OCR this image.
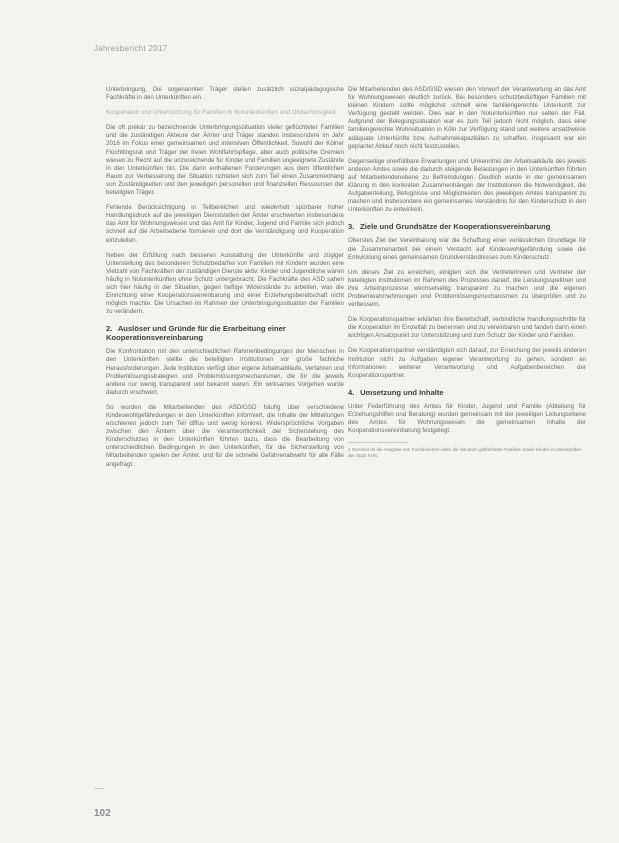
Jahresbericht 2017

Unterbringung. Die sogenannten Träger stellen zusätzlich sozialpädagogische Fachkräfte in den Unterkünften ein.

Kooperation und Unterstützung für Familien in Notunterkünften und Obdachlosigkeit

Die oft prekär zu bezeichnende Unterbringungssituation vieler geflüchteter Familien und die zuständigen Akteure der Ämter und Träger standen insbesondere im Jahr 2016 im Fokus einer gemeinsamen und intensiven Öffentlichkeit. Sowohl der Kölner Flüchtlingsrat und Träger der freien Wohlfahrtspflege, aber auch politische Gremien wiesen zu Recht auf die unzureichende für Kinder und Familien ungeeignete Zustände in den Unterkünften hin. Die darin enthaltenen Forderungen aus dem öffentlichen Raum zur Verbesserung der Situation richteten sich zum Teil einen Zusammenhang von Zuständigkeiten und den jeweiligen personellen und finanziellen Ressourcen der beteiligten Träger.

Fehlende Berücksichtigung in Teilbereichen und wiederholt spürbarer hoher Handlungsdruck auf die jeweiligen Dienststellen der Ämter erschwerten insbesondere das Amt für Wohnungswesen und das Amt für Kinder, Jugend und Familie sich jedoch schnell auf die Arbeitsebene formieren und dort die Verständigung und Kooperation einzuleiten.

Neben der Erfüllung nach besseren Ausstattung der Unterkünfte und zügiger Unterstellung des besonderen Schutzbedarfes von Familien mit Kindern wurden eine Vielzahl von Fachkräften der zuständigen Dienste aktiv. Kinder und Jugendliche waren häufig in Notunterkünften ohne Schutz untergebracht. Die Fachkräfte des ASD sahen sich hier häufig in der Situation, gegen heftige Widerstände zu arbeiten, was die Einrichtung einer Kooperationsvereinbarung und einer Erziehungsbereitschaft nicht möglich machte. Die Ursachen im Rahmen der Unterbringungssituation der Familien zu verändern.

2. Auslöser und Gründe für die Erarbeitung einer Kooperationsvereinbarung

Die Konfrontation mit den unterschiedlichen Rahmenbedingungen der Menschen in den Unterkünften stellte die beteiligten Institutionen vor große fachliche Herausforderungen. Jede Institution verfügt über eigene Arbeitsabläufe, Verfahren und Problemlösungsstrategien und Problemlösungsmechanismen, die für die jeweils andere nur wenig transparent und bekannt waren. Ein wirksames Vorgehen wurde dadurch erschwert.

So wurden die Mitarbeitenden des ASD/GSD häufig über verschiedene Kindeswohlgefährdungen in den Unterkünften informiert, die Inhalte der Mitteilungen erschienen jedoch zum Teil diffus und wenig konkret. Widersprüchliche Vorgaben zwischen den Ämtern über die Verantwortlichkeit der Sicherstellung des Kinderschutzes in den Unterkünften führten dazu, dass die Bearbeitung von unterschiedlichen Bedingungen in den Unterkünften, für die Sicherstellung von Mitarbeitenden spielen der Ämter, und für die schnelle Gefahrenabwehr für alle Fälle angefragt.

Die Mitarbeitenden des ASD/GSD wiesen den Vorwurf der Verantwortung an das Amt für Wohnungswesen deutlich zurück. Bei besonders schutzbedürftigen Familien mit kleinen Kindern sollte möglichst schnell eine familiengerechte Unterkunft zur Verfügung gestellt werden. Dies war in den Notunterkünften nur selten der Fall. Aufgrund der Belegungssituation war es zum Teil jedoch nicht möglich, dass eine familiengerechte Wohnsituation in Köln zur Verfügung stand und weitere ansatzweise adäquate Unterkünfte bzw. Aufnahmekapazitäten zu schaffen. Insgesamt war ein geplanter Ablauf noch nicht festzustellen.

Gegenseitige unerfüllbare Erwartungen und Unkenntnis der Arbeitsabläufe des jeweils anderen Amtes sowie die dadurch steigende Belastungen in den Unterkünften führten auf Mitarbeitendenebene zu Befremdungen. Deutlich wurde in der gemeinsamen Klärung in den konkreten Zusammenhängen der Institutionen die Notwendigkeit, die Aufgabenteilung, Befugnisse und Möglichkeiten des jeweiligen Amtes transparent zu machen und insbesondere ein gemeinsames Verständnis für den Kinderschutz in den Unterkünften zu entwickeln.

3. Ziele und Grundsätze der Kooperationsvereinbarung

Oberstes Ziel der Vereinbarung war die Schaffung einer verlässlichen Grundlage für die Zusammenarbeit bei einem Verdacht auf Kindeswohlgefährdung sowie die Entwicklung eines gemeinsamen Grundverständnisses zum Kinderschutz.

Um dieses Ziel zu erreichen, einigten sich die Vertreterinnen und Vertreter der beteiligten Institutionen im Rahmen des Prozesses darauf, die Leistungsspektren und ihre Arbeitsprozesse wechselseitig transparent zu machen und die eigenen Problemwahrnehmungen und Problemlösungsmechanismen zu überprüfen und zu verbessern.

Die Kooperationspartner erklärten ihre Bereitschaft, verbindliche Handlungsschritte für die Kooperation im Einzelfall zu benennen und zu vereinbaren und fanden darin einen wichtigen Ansatzpunkt zur Unterstützung und zum Schutz der Kinder und Familien.

Die Kooperationspartner verständigten sich darauf, zur Erreichung der jeweils anderen Institution nicht zu Aufgaben eigener Verantwortung zu gehen, sondern an Informationen weiterer Verantwortung und Aufgabenbereichen der Kooperationspartner.

4. Umsetzung und Inhalte

Unter Federführung des Amtes für Kinder, Jugend und Familie (Abteilung für Erziehungshilfen und Beratung) wurden gemeinsam mit der jeweiligen Leitungsebene des Amtes für Wohnungswesen die gemeinsamen Inhalte der Kooperationsvereinbarung festgelegt.

1 Gemeint ist die Ausgabe von Fachberichten über die Situation geflüchteter Familien sowie Kinder in Unterkünften der Stadt Köln.
102
